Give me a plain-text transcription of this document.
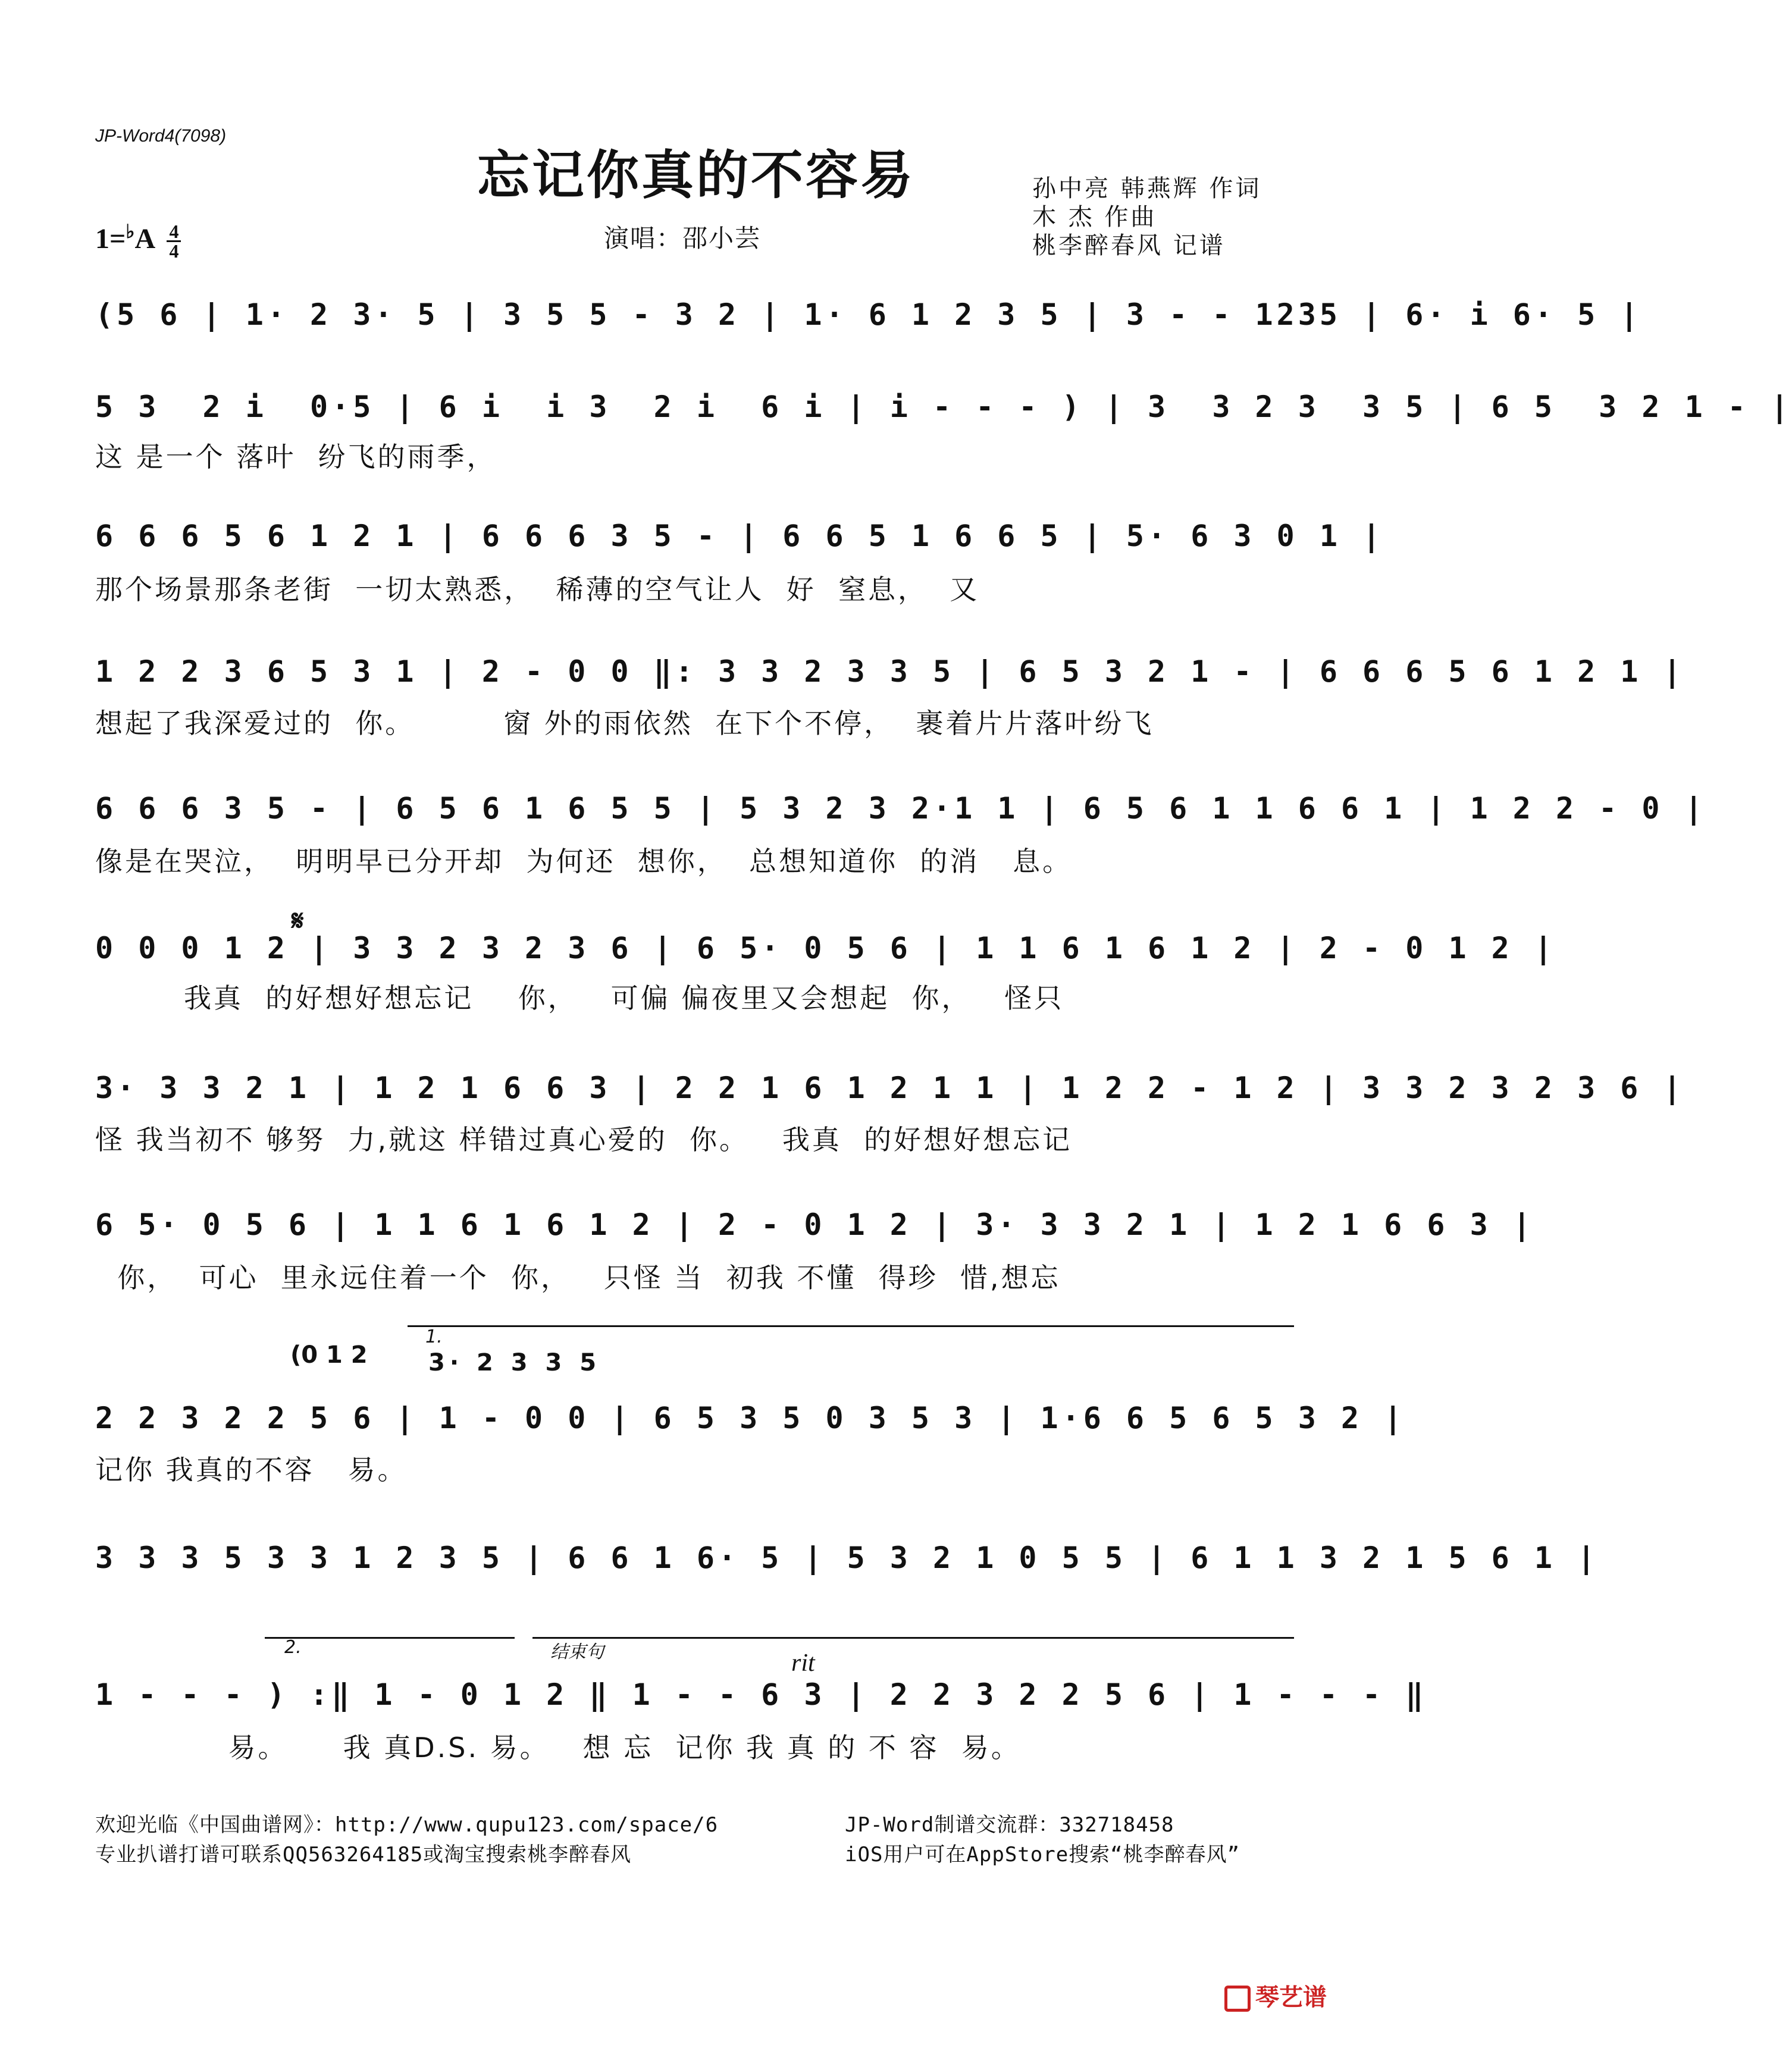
JP-Word4(7098)
忘记你真的不容易	孙中亮 韩燕辉 作词
木 杰 作曲
桃李醉春风 记谱
演唱：邵小芸
$1=^♭A \frac{4}{4}$
(5 6 | 1· 2 3· 5 | 3 5 5 - 3 2 | 1· 6 1 2 3 5 | 3 - - 1235 | 6· i 6· 5 |
5 3  2 i  0·5 | 6 i  i 3  2 i  6 i | i - - - ) | 3  3 2 3  3 5 | 6 5  3 2 1 - |
这 是一个 落叶  纷飞的雨季，
6 6 6 5 6 1 2 1 | 6 6 6 3 5 - | 6 6 5 1 6 6 5 | 5· 6 3 0 1 |
那个场景那条老街  一切太熟悉，  稀薄的空气让人  好  窒息，  又
1 2 2 3 6 5 3 1 | 2 - 0 0 ‖: 3 3 2 3 3 5 | 6 5 3 2 1 - | 6 6 6 5 6 1 2 1 |
想起了我深爱过的  你。        窗 外的雨依然  在下个不停，  裹着片片落叶纷飞
6 6 6 3 5 - | 6 5 6 1 6 5 5 | 5 3 2 3 2·1 1 | 6 5 6 1 1 6 6 1 | 1 2 2 - 0 |
像是在哭泣，  明明早已分开却  为何还  想你，  总想知道你  的消   息。
𝄋
0 0 0 1 2 | 3 3 2 3 2 3 6 | 6 5· 0 5 6 | 1 1 6 1 6 1 2 | 2 - 0 1 2 |
我真  的好想好想忘记    你，   可偏 偏夜里又会想起  你，   怪只
3· 3 3 2 1 | 1 2 1 6 6 3 | 2 2 1 6 1 2 1 1 | 1 2 2 - 1 2 | 3 3 2 3 2 3 6 |
怪 我当初不 够努  力,就这 样错过真心爱的  你。   我真  的好想好想忘记
6 5· 0 5 6 | 1 1 6 1 6 1 2 | 2 - 0 1 2 | 3· 3 3 2 1 | 1 2 1 6 6 3 |
你，  可心  里永远住着一个  你，   只怪 当  初我 不懂  得珍  惜,想忘
(0 1 2
1.
3· 2 3 3 5
2 2 3 2 2 5 6 | 1 - 0 0 | 6 5 3 5 0 3 5 3 | 1·6 6 5 6 5 3 2 |
记你 我真的不容   易。
3 3 3 5 3 3 1 2 3 5 | 6 6 1 6· 5 | 5 3 2 1 0 5 5 | 6 1 1 3 2 1 5 6 1 |
2.	结束句	rit
1 - - - ) :‖ 1 - 0 1 2 ‖ 1 - - 6 3 | 2 2 3 2 2 5 6 | 1 - - - ‖
易。     我 真D.S. 易。   想 忘  记你 我 真 的 不 容  易。
欢迎光临《中国曲谱网》：http://www.qupu123.com/space/6
专业扒谱打谱可联系QQ563264185或淘宝搜索桃李醉春风
JP-Word制谱交流群：332718458
iOS用户可在AppStore搜索“桃李醉春风”
琴艺谱
